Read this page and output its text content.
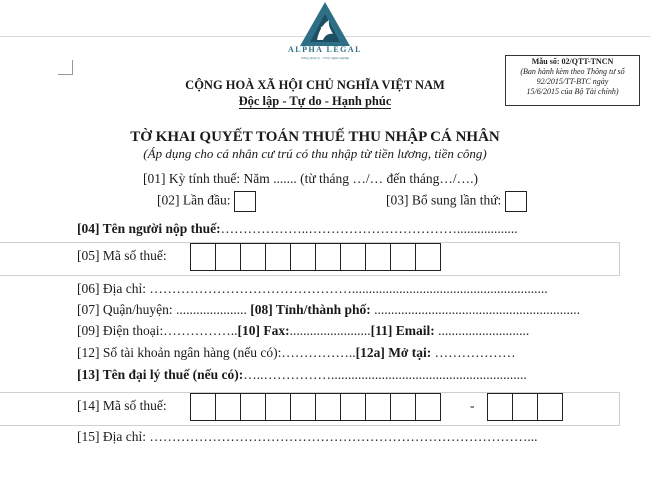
ALPHA LEGAL
Vững pháp lý - Vượt nghĩa nghiệp	Mẫu số: 02/QTT-TNCN
(Ban hành kèm theo Thông tư số
92/2015/TT-BTC ngày
15/6/2015 của Bộ Tài chính)
CỘNG HOÀ XÃ HỘI CHỦ NGHĨA VIỆT NAM
Độc lập - Tự do - Hạnh phúc
TỜ KHAI QUYẾT TOÁN THUẾ THU NHẬP CÁ NHÂN
(Áp dụng cho cá nhân cư trú có thu nhập từ tiền lương, tiền công)
[01] Kỳ tính thuế: Năm ....... (từ tháng …/… đến tháng…/….)
[02] Lần đầu:	[03] Bổ sung lần thứ:
[04] Tên người nộp thuế:………………..……………………………..................
[05] Mã số thuế:
[06] Địa chỉ: ………………………………………..........................................................
[07] Quận/huyện: ..................... [08] Tỉnh/thành phố: .............................................................
[09] Điện thoại:……………..[10] Fax:........................[11] Email: ...........................
[12] Số tài khoản ngân hàng (nếu có):……………..[12a] Mở tại: ………………
[13] Tên đại lý thuế (nếu có):…..……………..........................................................
[14] Mã số thuế:	-
[15] Địa chỉ: …………………………………………………………………………...
